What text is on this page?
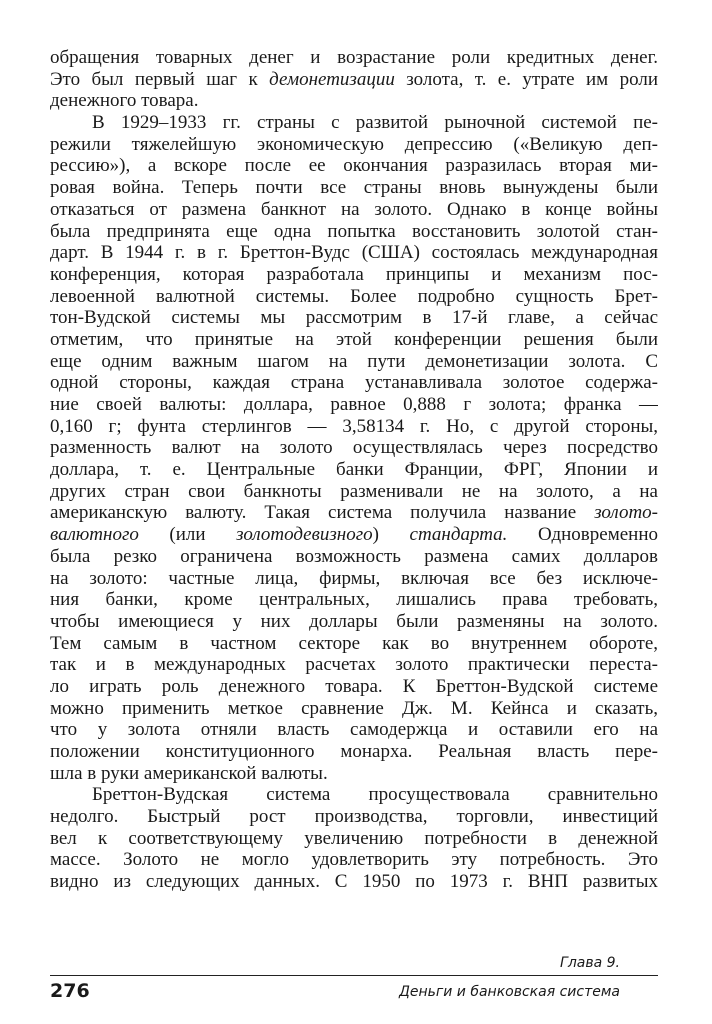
обращения товарных денег и возрастание роли кредитных денег.
Это был первый шаг к демонетизации золота, т. е. утрате им роли
денежного товара.
В 1929–1933 гг. страны с развитой рыночной системой пе-
режили тяжелейшую экономическую депрессию («Великую деп-
рессию»), а вскоре после ее окончания разразилась вторая ми-
ровая война. Теперь почти все страны вновь вынуждены были
отказаться от размена банкнот на золото. Однако в конце войны
была предпринята еще одна попытка восстановить золотой стан-
дарт. В 1944 г. в г. Бреттон-Вудс (США) состоялась международная
конференция, которая разработала принципы и механизм пос-
левоенной валютной системы. Более подробно сущность Брет-
тон-Вудской системы мы рассмотрим в 17-й главе, а сейчас
отметим, что принятые на этой конференции решения были
еще одним важным шагом на пути демонетизации золота. С
одной стороны, каждая страна устанавливала золотое содержа-
ние своей валюты: доллара, равное 0,888 г золота; франка —
0,160 г; фунта стерлингов — 3,58134 г. Но, с другой стороны,
разменность валют на золото осуществлялась через посредство
доллара, т. е. Центральные банки Франции, ФРГ, Японии и
других стран свои банкноты разменивали не на золото, а на
американскую валюту. Такая система получила название золото-
валютного (или золотодевизного) стандарта. Одновременно
была резко ограничена возможность размена самих долларов
на золото: частные лица, фирмы, включая все без исключе-
ния банки, кроме центральных, лишались права требовать,
чтобы имеющиеся у них доллары были разменяны на золото.
Тем самым в частном секторе как во внутреннем обороте,
так и в международных расчетах золото практически переста-
ло играть роль денежного товара. К Бреттон-Вудской системе
можно применить меткое сравнение Дж. М. Кейнса и сказать,
что у золота отняли власть самодержца и оставили его на
положении конституционного монарха. Реальная власть пере-
шла в руки американской валюты.
Бреттон-Вудская система просуществовала сравнительно
недолго. Быстрый рост производства, торговли, инвестиций
вел к соответствующему увеличению потребности в денежной
массе. Золото не могло удовлетворить эту потребность. Это
видно из следующих данных. С 1950 по 1973 г. ВНП развитых
Глава 9.
276	Деньги и банковская система
